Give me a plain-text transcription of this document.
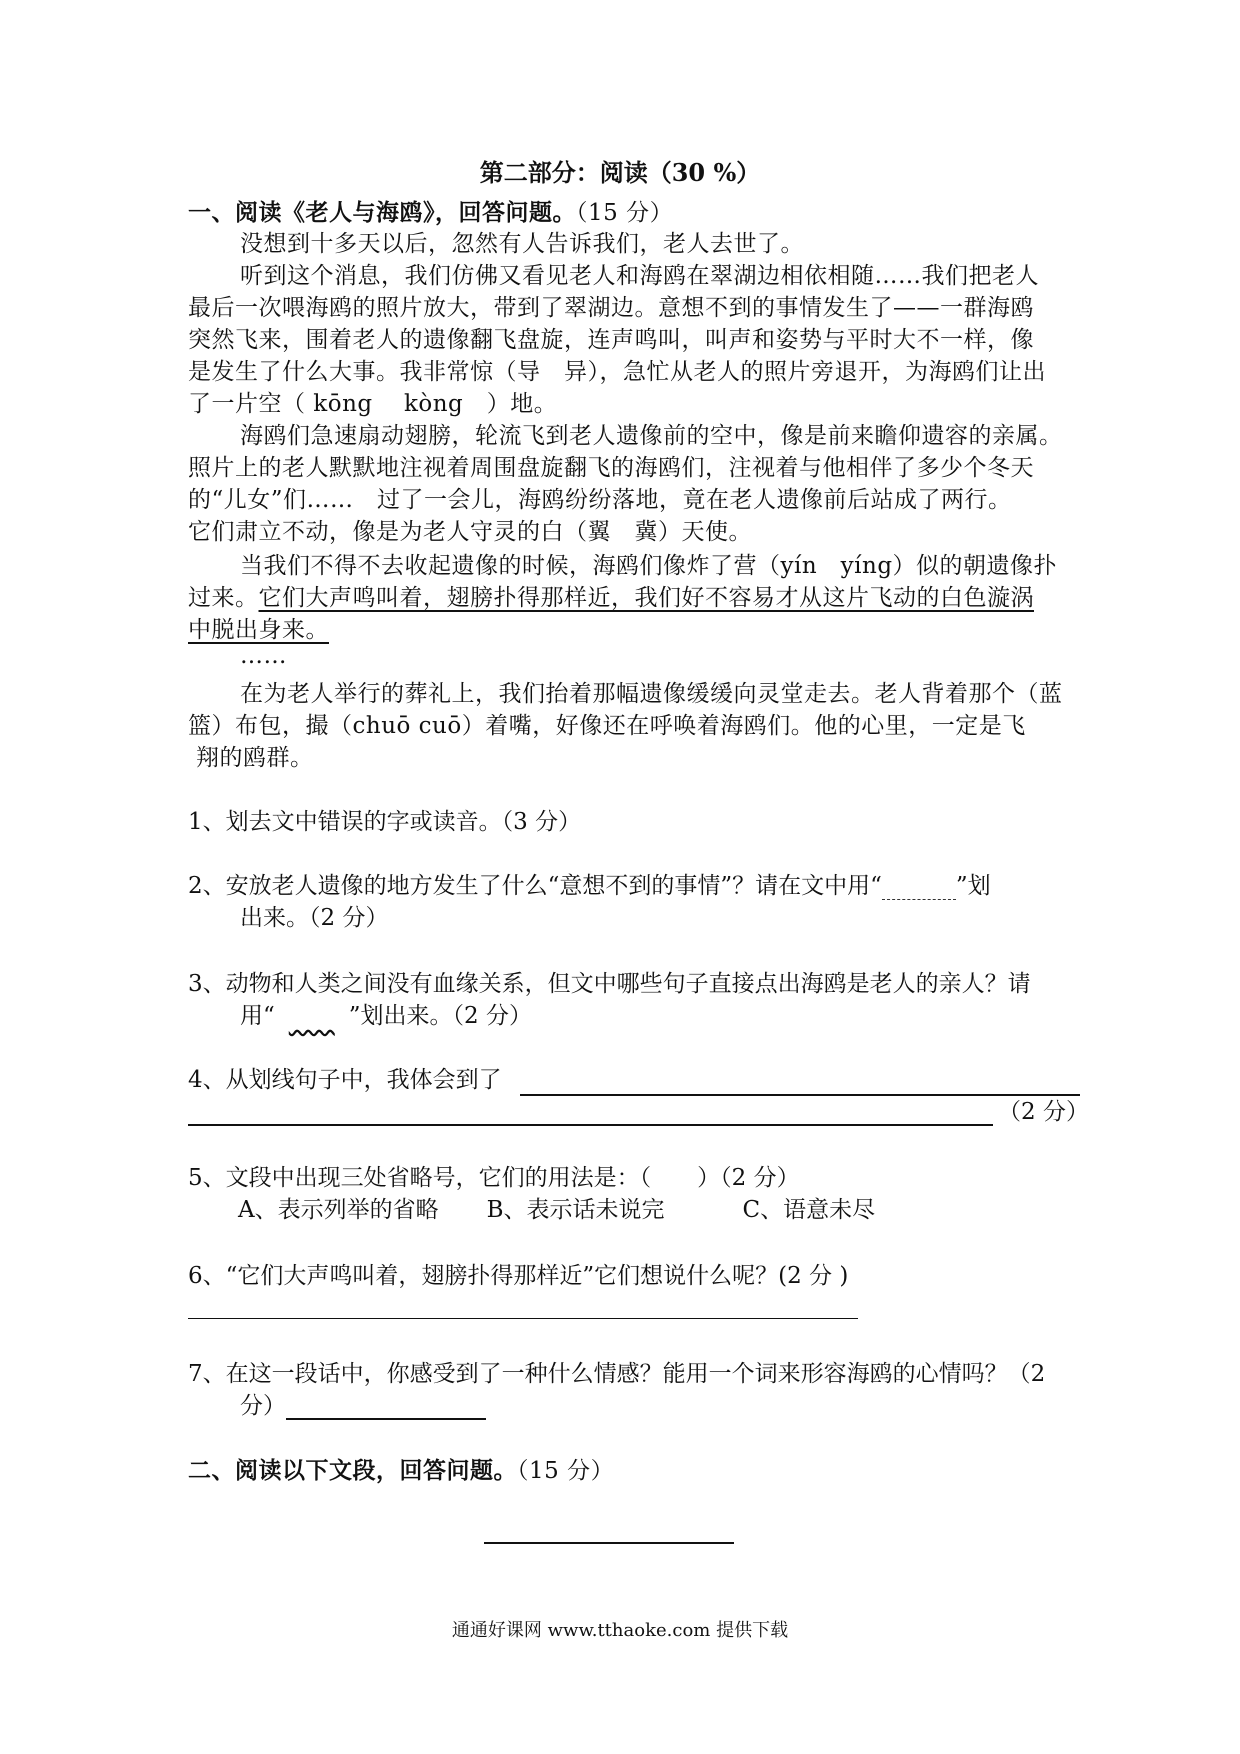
第二部分：阅读（30 %）
一、阅读《老人与海鸥》，回答问题。（15 分）
没想到十多天以后，忽然有人告诉我们，老人去世了。
听到这个消息，我们仿佛又看见老人和海鸥在翠湖边相依相随……我们把老人
最后一次喂海鸥的照片放大，带到了翠湖边。意想不到的事情发生了——一群海鸥
突然飞来，围着老人的遗像翻飞盘旋，连声鸣叫，叫声和姿势与平时大不一样，像
是发生了什么大事。我非常惊（导　异），急忙从老人的照片旁退开，为海鸥们让出
了一片空（ kōng　 kòng　）地。
海鸥们急速扇动翅膀，轮流飞到老人遗像前的空中，像是前来瞻仰遗容的亲属。
照片上的老人默默地注视着周围盘旋翻飞的海鸥们，注视着与他相伴了多少个冬天
的“儿女”们……　过了一会儿，海鸥纷纷落地，竟在老人遗像前后站成了两行。
它们肃立不动，像是为老人守灵的白（翼　冀）天使。
当我们不得不去收起遗像的时候，海鸥们像炸了营（yín　yíng）似的朝遗像扑
过来。它们大声鸣叫着，翅膀扑得那样近，我们好不容易才从这片飞动的白色漩涡
中脱出身来。
……
在为老人举行的葬礼上，我们抬着那幅遗像缓缓向灵堂走去。老人背着那个（蓝
篮）布包，撮（chuō cuō）着嘴，好像还在呼唤着海鸥们。他的心里，一定是飞
翔的鸥群。
1、划去文中错误的字或读音。（3 分）
2、安放老人遗像的地方发生了什么“意想不到的事情”？请在文中用“　　	”划
出来。（2 分）
3、动物和人类之间没有血缘关系，但文中哪些句子直接点出海鸥是老人的亲人？请
用“　　	”划出来。（2 分）
4、从划线句子中，我体会到了
（2 分）
5、文段中出现三处省略号，它们的用法是：（　　）（2 分）
A、表示列举的省略 B、表示话未说完	C、语意未尽
6、“它们大声鸣叫着，翅膀扑得那样近”它们想说什么呢？(2 分 )
7、在这一段话中，你感受到了一种什么情感？能用一个词来形容海鸥的心情吗？（2
分）
二、阅读以下文段，回答问题。（15 分）
通通好课网 www.tthaoke.com 提供下载
